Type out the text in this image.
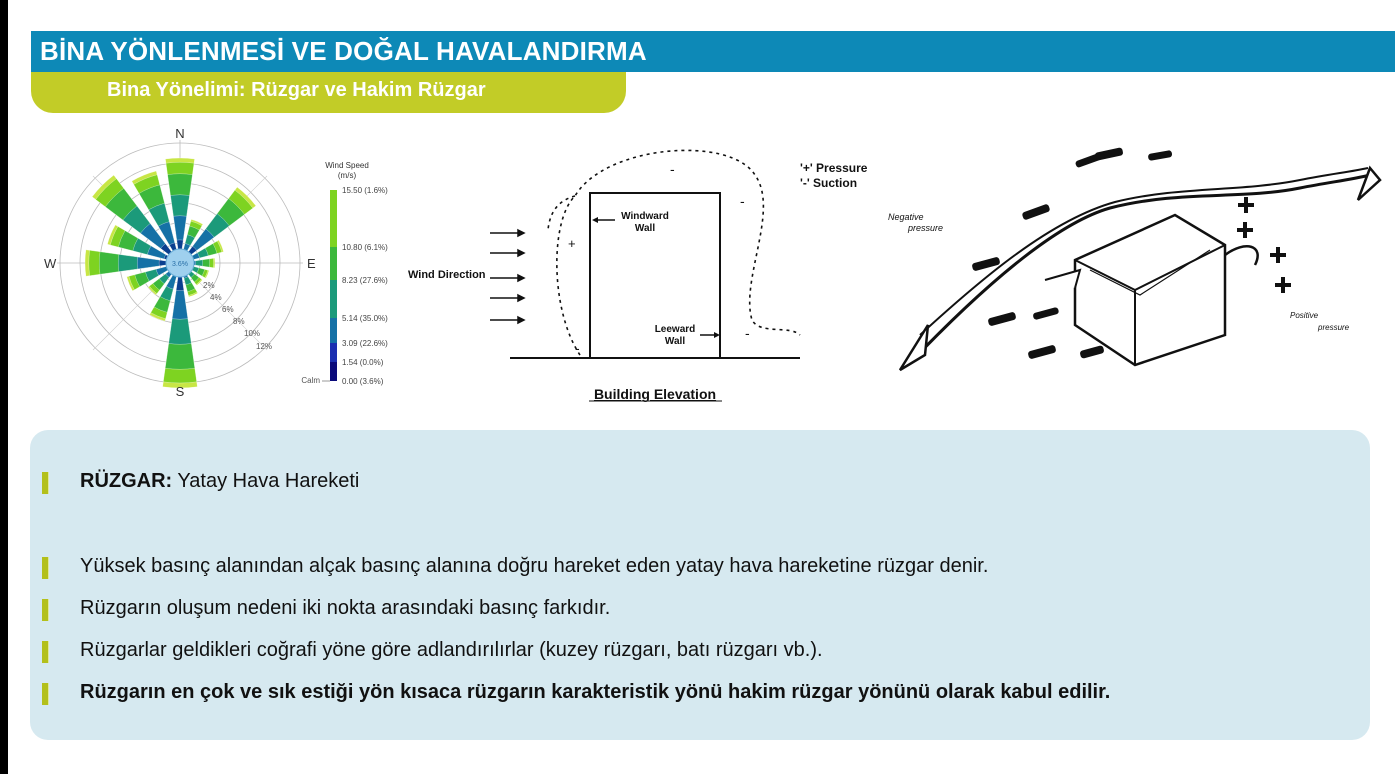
BİNA YÖNLENMESİ VE DOĞAL HAVALANDIRMA
Bina Yönelimi: Rüzgar ve Hakim Rüzgar
3.6%
N
E
S
W
2%
4%
6%
8%
10%
12%
Wind Speed
(m/s)
15.50 (1.6%)
10.80 (6.1%)
8.23 (27.6%)
5.14 (35.0%)
3.09 (22.6%)
1.54 (0.0%)
0.00 (3.6%)
Calm
Wind Direction
Windward
Wall
Leeward
Wall
-
-
-
-
+
'+' Pressure
'-' Suction
Building Elevation
Negative
pressure
Positive
pressure
RÜZGAR: Yatay Hava Hareketi
Yüksek basınç alanından alçak basınç alanına doğru hareket eden yatay hava hareketine rüzgar denir.
Rüzgarın oluşum nedeni iki nokta arasındaki basınç farkıdır.
Rüzgarlar geldikleri coğrafi yöne göre adlandırılırlar (kuzey rüzgarı, batı rüzgarı vb.).
Rüzgarın en çok ve sık estiği yön kısaca rüzgarın karakteristik yönü hakim rüzgar yönünü olarak kabul edilir.
